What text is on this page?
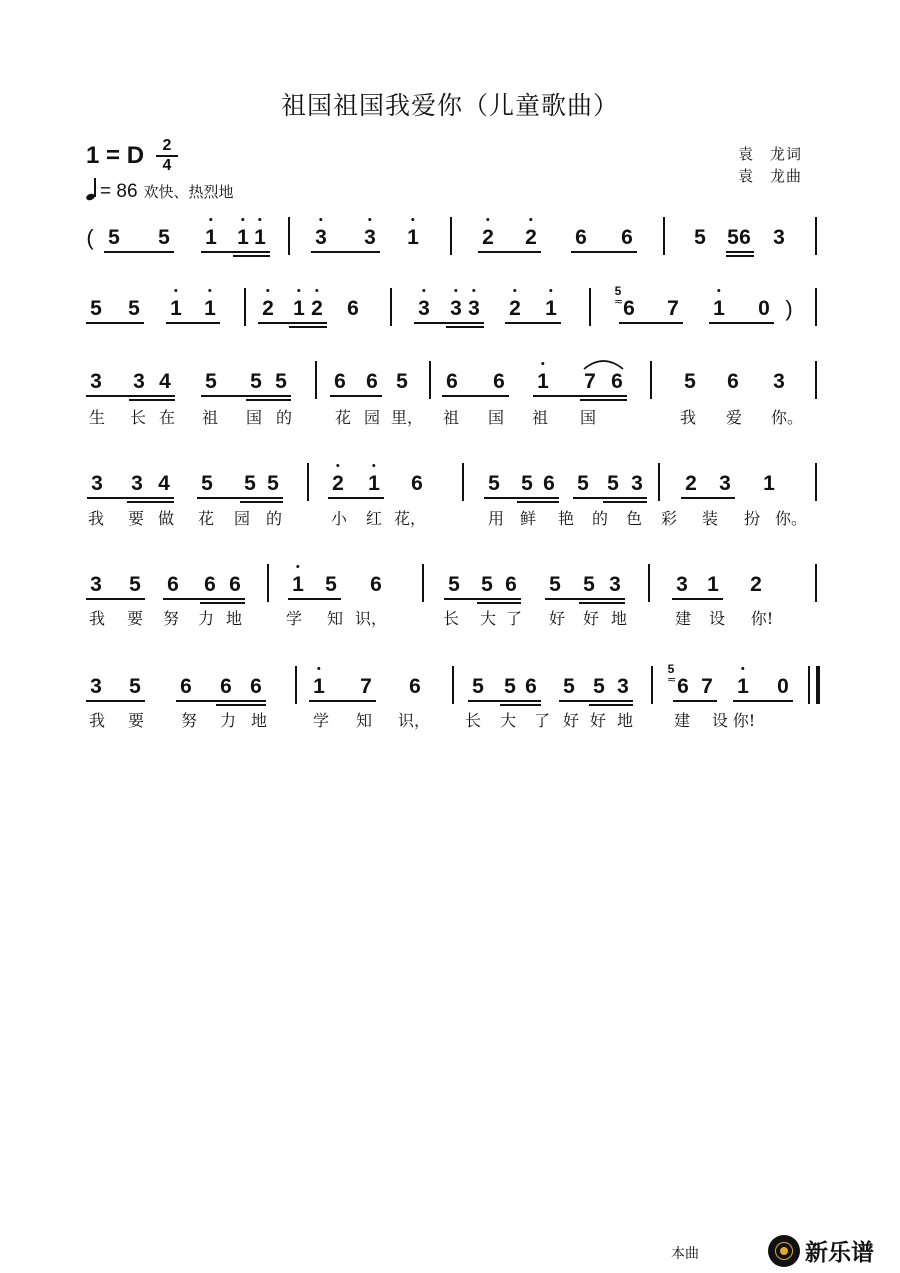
祖国祖国我爱你（儿童歌曲）
1 = D	2
4
= 86 欢快、热烈地
袁　龙词
袁　龙曲
5 5 1 1 1 3 3 1	2 2 6 6	5 5 6 3
(
5 5 1 1 2 1 2 6	3 3 3 2 1	6 7 1 0 )
5
≂
3 3 4 5 5 5 6 6 5 6 6 1 7 6	5 6 3
生 长 在 祖 国 的	花 园 里， 祖 国 祖 国	我 爱 你。
3 3 4 5 5 5	2 1 6	5 5 6 5 5 3 2 3 1
我 要 做 花 园 的	小 红 花，	用 鲜 艳 的 色 彩 装 扮 你。
3 5 6 6 6 1 5 6	5 5 6 5 5 3	3 1 2
我 要 努 力 地	学 知 识，	长 大 了 好 好 地	建 设 你!
3 5 6 6 6 1 7 6 5 5 6 5 5 3 6 7 1 0
5
≂
我 要 努 力 地	学 知 识， 长 大 了 好 好 地	建 设 你!
本曲	新乐谱
